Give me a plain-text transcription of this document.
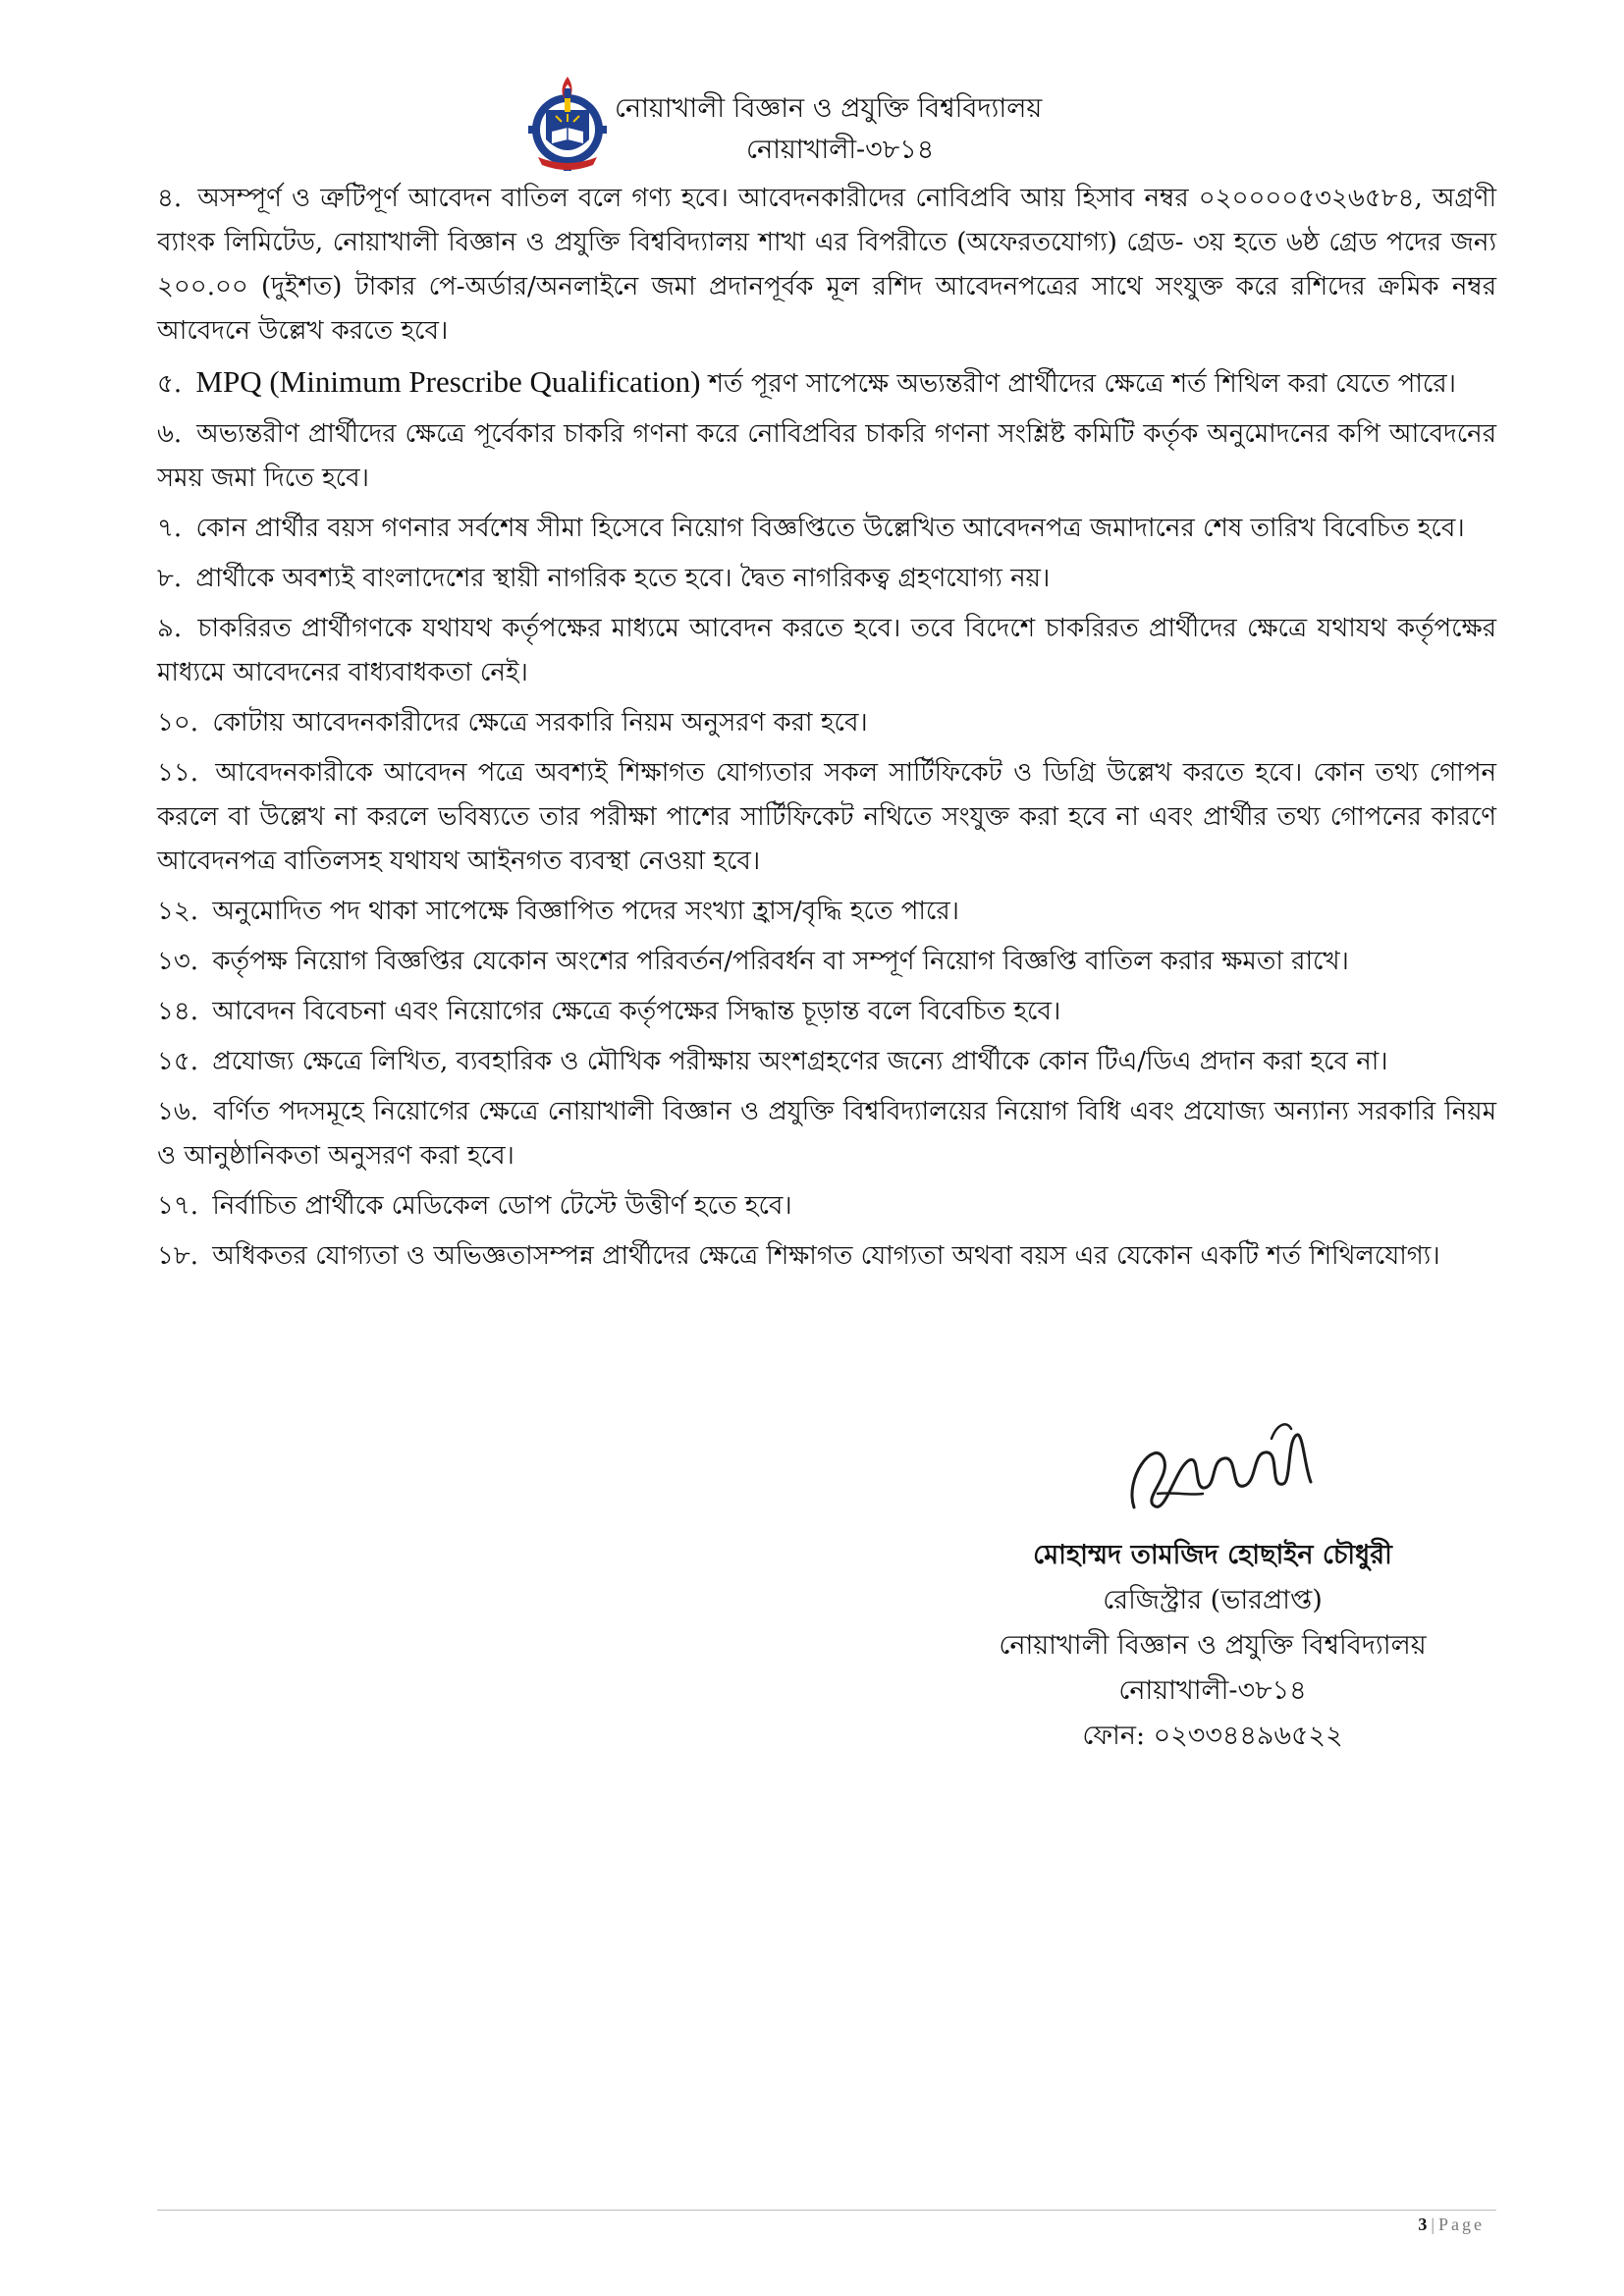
নোয়াখালী বিজ্ঞান ও প্রযুক্তি বিশ্ববিদ্যালয়
নোয়াখালী-৩৮১৪

৪. অসম্পূর্ণ ও ত্রুটিপূর্ণ আবেদন বাতিল বলে গণ্য হবে। আবেদনকারীদের নোবিপ্রবি আয় হিসাব নম্বর ০২০০০০৫৩২৬৫৮৪, অগ্রণী ব্যাংক লিমিটেড, নোয়াখালী বিজ্ঞান ও প্রযুক্তি বিশ্ববিদ্যালয় শাখা এর বিপরীতে (অফেরতযোগ্য) গ্রেড- ৩য় হতে ৬ষ্ঠ গ্রেড পদের জন্য ২০০.০০ (দুইশত) টাকার পে-অর্ডার/অনলাইনে জমা প্রদানপূর্বক মূল রশিদ আবেদনপত্রের সাথে সংযুক্ত করে রশিদের ক্রমিক নম্বর আবেদনে উল্লেখ করতে হবে।

৫. MPQ (Minimum Prescribe Qualification) শর্ত পূরণ সাপেক্ষে অভ্যন্তরীণ প্রার্থীদের ক্ষেত্রে শর্ত শিথিল করা যেতে পারে।

৬. অভ্যন্তরীণ প্রার্থীদের ক্ষেত্রে পূর্বেকার চাকরি গণনা করে নোবিপ্রবির চাকরি গণনা সংশ্লিষ্ট কমিটি কর্তৃক অনুমোদনের কপি আবেদনের সময় জমা দিতে হবে।

৭. কোন প্রার্থীর বয়স গণনার সর্বশেষ সীমা হিসেবে নিয়োগ বিজ্ঞপ্তিতে উল্লেখিত আবেদনপত্র জমাদানের শেষ তারিখ বিবেচিত হবে।

৮. প্রার্থীকে অবশ্যই বাংলাদেশের স্থায়ী নাগরিক হতে হবে। দ্বৈত নাগরিকত্ব গ্রহণযোগ্য নয়।

৯. চাকরিরত প্রার্থীগণকে যথাযথ কর্তৃপক্ষের মাধ্যমে আবেদন করতে হবে। তবে বিদেশে চাকরিরত প্রার্থীদের ক্ষেত্রে যথাযথ কর্তৃপক্ষের মাধ্যমে আবেদনের বাধ্যবাধকতা নেই।

১০. কোটায় আবেদনকারীদের ক্ষেত্রে সরকারি নিয়ম অনুসরণ করা হবে।

১১. আবেদনকারীকে আবেদন পত্রে অবশ্যই শিক্ষাগত যোগ্যতার সকল সার্টিফিকেট ও ডিগ্রি উল্লেখ করতে হবে। কোন তথ্য গোপন করলে বা উল্লেখ না করলে ভবিষ্যতে তার পরীক্ষা পাশের সার্টিফিকেট নথিতে সংযুক্ত করা হবে না এবং প্রার্থীর তথ্য গোপনের কারণে আবেদনপত্র বাতিলসহ যথাযথ আইনগত ব্যবস্থা নেওয়া হবে।

১২. অনুমোদিত পদ থাকা সাপেক্ষে বিজ্ঞাপিত পদের সংখ্যা হ্রাস/বৃদ্ধি হতে পারে।

১৩. কর্তৃপক্ষ নিয়োগ বিজ্ঞপ্তির যেকোন অংশের পরিবর্তন/পরিবর্ধন বা সম্পূর্ণ নিয়োগ বিজ্ঞপ্তি বাতিল করার ক্ষমতা রাখে।

১৪. আবেদন বিবেচনা এবং নিয়োগের ক্ষেত্রে কর্তৃপক্ষের সিদ্ধান্ত চূড়ান্ত বলে বিবেচিত হবে।

১৫. প্রযোজ্য ক্ষেত্রে লিখিত, ব্যবহারিক ও মৌখিক পরীক্ষায় অংশগ্রহণের জন্যে প্রার্থীকে কোন টিএ/ডিএ প্রদান করা হবে না।

১৬. বর্ণিত পদসমূহে নিয়োগের ক্ষেত্রে নোয়াখালী বিজ্ঞান ও প্রযুক্তি বিশ্ববিদ্যালয়ের নিয়োগ বিধি এবং প্রযোজ্য অন্যান্য সরকারি নিয়ম ও আনুষ্ঠানিকতা অনুসরণ করা হবে।

১৭. নির্বাচিত প্রার্থীকে মেডিকেল ডোপ টেস্টে উত্তীর্ণ হতে হবে।

১৮. অধিকতর যোগ্যতা ও অভিজ্ঞতাসম্পন্ন প্রার্থীদের ক্ষেত্রে শিক্ষাগত যোগ্যতা অথবা বয়স এর যেকোন একটি শর্ত শিথিলযোগ্য।

মোহাম্মদ তামজিদ হোছাইন চৌধুরী
রেজিস্ট্রার (ভারপ্রাপ্ত)
নোয়াখালী বিজ্ঞান ও প্রযুক্তি বিশ্ববিদ্যালয়
নোয়াখালী-৩৮১৪
ফোন: ০২৩৩৪৪৯৬৫২২
3 | Page
